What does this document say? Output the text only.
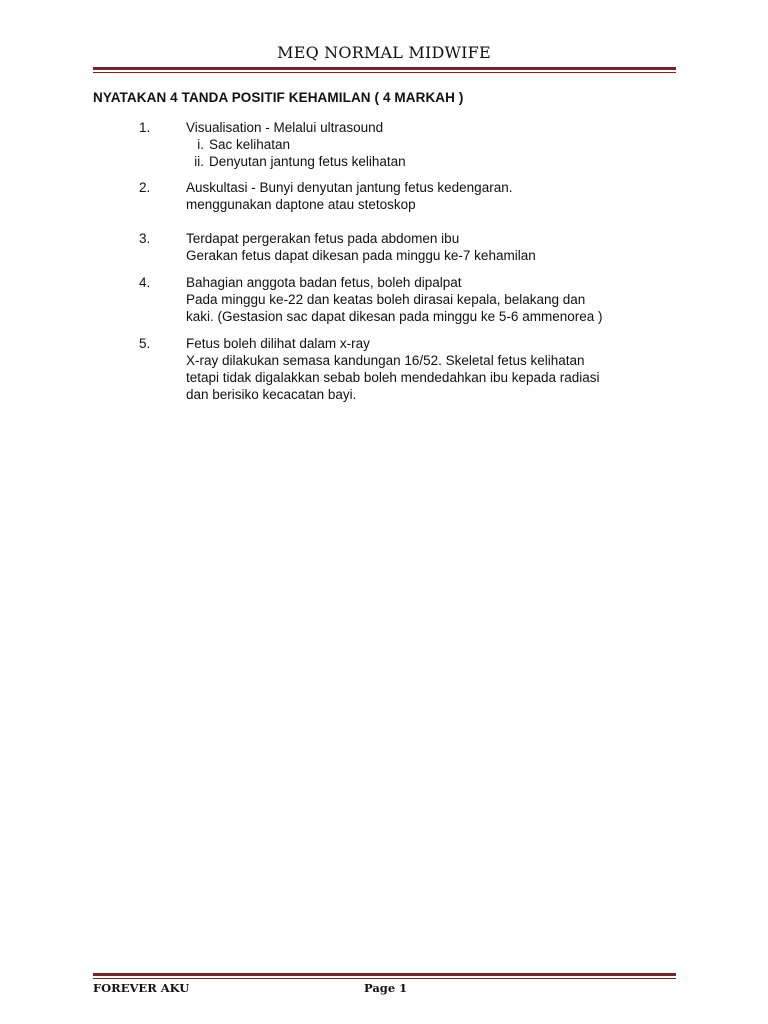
MEQ NORMAL MIDWIFE
NYATAKAN 4 TANDA POSITIF KEHAMILAN ( 4 MARKAH )
1.	Visualisation - Melalui ultrasound
i. Sac kelihatan
ii. Denyutan jantung fetus kelihatan
2.	Auskultasi - Bunyi denyutan jantung fetus kedengaran.
menggunakan daptone atau stetoskop
3.	Terdapat pergerakan fetus pada abdomen ibu
Gerakan fetus dapat dikesan pada minggu ke-7 kehamilan
4.	Bahagian anggota badan fetus, boleh dipalpat
Pada minggu ke-22 dan keatas boleh dirasai kepala, belakang dan
kaki. (Gestasion sac dapat dikesan pada minggu ke 5-6 ammenorea )
5.	Fetus boleh dilihat dalam x-ray
X-ray dilakukan semasa kandungan 16/52. Skeletal fetus kelihatan
tetapi tidak digalakkan sebab boleh mendedahkan ibu kepada radiasi
dan berisiko kecacatan bayi.
FOREVER AKU	Page 1
